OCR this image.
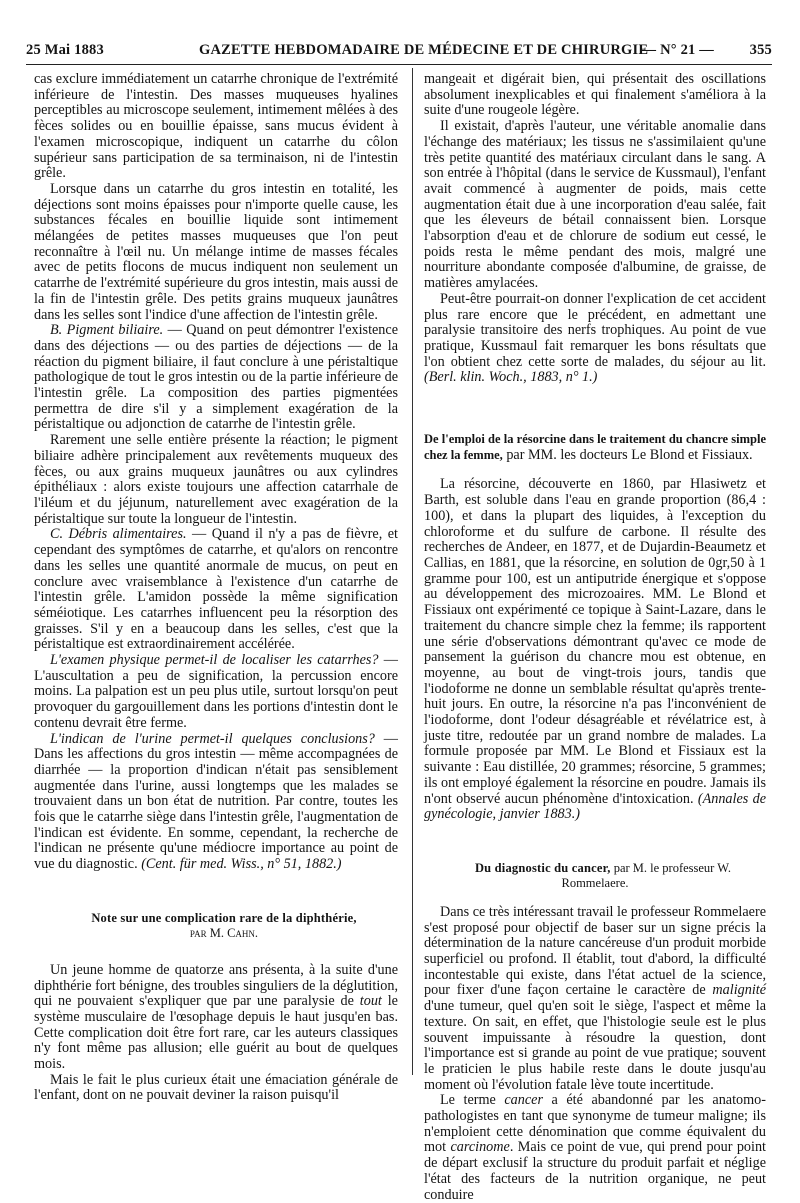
25 Mai 1883	GAZETTE HEBDOMADAIRE DE MÉDECINE ET DE CHIRURGIE
— N° 21 — 355

cas exclure immédiatement un catarrhe chronique de l'extrémité inférieure de l'intestin. Des masses muqueuses hyalines perceptibles au microscope seulement, intimement mêlées à des fèces solides ou en bouillie épaisse, sans mucus évident à l'examen microscopique, indiquent un catarrhe du côlon supérieur sans participation de sa terminaison, ni de l'intestin grêle.

Lorsque dans un catarrhe du gros intestin en totalité, les déjections sont moins épaisses pour n'importe quelle cause, les substances fécales en bouillie liquide sont intimement mélangées de petites masses muqueuses que l'on peut reconnaître à l'œil nu. Un mélange intime de masses fécales avec de petits flocons de mucus indiquent non seulement un catarrhe de l'extrémité supérieure du gros intestin, mais aussi de la fin de l'intestin grêle. Des petits grains muqueux jaunâtres dans les selles sont l'indice d'une affection de l'intestin grêle.

B. Pigment biliaire. — Quand on peut démontrer l'existence dans des déjections — ou des parties de déjections — de la réaction du pigment biliaire, il faut conclure à une péristaltique pathologique de tout le gros intestin ou de la partie inférieure de l'intestin grêle. La composition des parties pigmentées permettra de dire s'il y a simplement exagération de la péristaltique ou adjonction de catarrhe de l'intestin grêle.

Rarement une selle entière présente la réaction; le pigment biliaire adhère principalement aux revêtements muqueux des fèces, ou aux grains muqueux jaunâtres ou aux cylindres épithéliaux : alors existe toujours une affection catarrhale de l'iléum et du jéjunum, naturellement avec exagération de la péristaltique sur toute la longueur de l'intestin.

C. Débris alimentaires. — Quand il n'y a pas de fièvre, et cependant des symptômes de catarrhe, et qu'alors on rencontre dans les selles une quantité anormale de mucus, on peut en conclure avec vraisemblance à l'existence d'un catarrhe de l'intestin grêle. L'amidon possède la même signification séméiotique. Les catarrhes influencent peu la résorption des graisses. S'il y en a beaucoup dans les selles, c'est que la péristaltique est extraordinairement accélérée.

L'examen physique permet-il de localiser les catarrhes? — L'auscultation a peu de signification, la percussion encore moins. La palpation est un peu plus utile, surtout lorsqu'on peut provoquer du gargouillement dans les portions d'intestin dont le contenu devrait être ferme.

L'indican de l'urine permet-il quelques conclusions? — Dans les affections du gros intestin — même accompagnées de diarrhée — la proportion d'indican n'était pas sensiblement augmentée dans l'urine, aussi longtemps que les malades se trouvaient dans un bon état de nutrition. Par contre, toutes les fois que le catarrhe siège dans l'intestin grêle, l'augmentation de l'indican est évidente. En somme, cependant, la recherche de l'indican ne présente qu'une médiocre importance au point de vue du diagnostic. (Cent. für med. Wiss., n° 51, 1882.)

Note sur une complication rare de la diphthérie,

par M. Cahn.

Un jeune homme de quatorze ans présenta, à la suite d'une diphthérie fort bénigne, des troubles singuliers de la déglutition, qui ne pouvaient s'expliquer que par une paralysie de tout le système musculaire de l'œsophage depuis le haut jusqu'en bas. Cette complication doit être fort rare, car les auteurs classiques n'y font même pas allusion; elle guérit au bout de quelques mois.

Mais le fait le plus curieux était une émaciation générale de l'enfant, dont on ne pouvait deviner la raison puisqu'il

mangeait et digérait bien, qui présentait des oscillations absolument inexplicables et qui finalement s'améliora à la suite d'une rougeole légère.

Il existait, d'après l'auteur, une véritable anomalie dans l'échange des matériaux; les tissus ne s'assimilaient qu'une très petite quantité des matériaux circulant dans le sang. A son entrée à l'hôpital (dans le service de Kussmaul), l'enfant avait commencé à augmenter de poids, mais cette augmentation était due à une incorporation d'eau salée, fait que les éleveurs de bétail connaissent bien. Lorsque l'absorption d'eau et de chlorure de sodium eut cessé, le poids resta le même pendant des mois, malgré une nourriture abondante composée d'albumine, de graisse, de matières amylacées.

Peut-être pourrait-on donner l'explication de cet accident plus rare encore que le précédent, en admettant une paralysie transitoire des nerfs trophiques. Au point de vue pratique, Kussmaul fait remarquer les bons résultats que l'on obtient chez cette sorte de malades, du séjour au lit. (Berl. klin. Woch., 1883, n° 1.)

De l'emploi de la résorcine dans le traitement du chancre simple chez la femme, par MM. les docteurs Le Blond et Fissiaux.

La résorcine, découverte en 1860, par Hlasiwetz et Barth, est soluble dans l'eau en grande proportion (86,4 : 100), et dans la plupart des liquides, à l'exception du chloroforme et du sulfure de carbone. Il résulte des recherches de Andeer, en 1877, et de Dujardin-Beaumetz et Callias, en 1881, que la résorcine, en solution de 0gr,50 à 1 gramme pour 100, est un antiputride énergique et s'oppose au développement des microzoaires. MM. Le Blond et Fissiaux ont expérimenté ce topique à Saint-Lazare, dans le traitement du chancre simple chez la femme; ils rapportent une série d'observations démontrant qu'avec ce mode de pansement la guérison du chancre mou est obtenue, en moyenne, au bout de vingt-trois jours, tandis que l'iodoforme ne donne un semblable résultat qu'après trente-huit jours. En outre, la résorcine n'a pas l'inconvénient de l'iodoforme, dont l'odeur désagréable et révélatrice est, à juste titre, redoutée par un grand nombre de malades. La formule proposée par MM. Le Blond et Fissiaux est la suivante : Eau distillée, 20 grammes; résorcine, 5 grammes; ils ont employé également la résorcine en poudre. Jamais ils n'ont observé aucun phénomène d'intoxication. (Annales de gynécologie, janvier 1883.)

Du diagnostic du cancer, par M. le professeur W. Rommelaere.

Dans ce très intéressant travail le professeur Rommelaere s'est proposé pour objectif de baser sur un signe précis la détermination de la nature cancéreuse d'un produit morbide superficiel ou profond. Il établit, tout d'abord, la difficulté incontestable qui existe, dans l'état actuel de la science, pour fixer d'une façon certaine le caractère de malignité d'une tumeur, quel qu'en soit le siège, l'aspect et même la texture. On sait, en effet, que l'histologie seule est le plus souvent impuissante à résoudre la question, dont l'importance est si grande au point de vue pratique; souvent le praticien le plus habile reste dans le doute jusqu'au moment où l'évolution fatale lève toute incertitude.

Le terme cancer a été abandonné par les anatomo-pathologistes en tant que synonyme de tumeur maligne; ils n'emploient cette dénomination que comme équivalent du mot carcinome. Mais ce point de vue, qui prend pour point de départ exclusif la structure du produit parfait et néglige l'état des facteurs de la nutrition organique, ne peut conduire
